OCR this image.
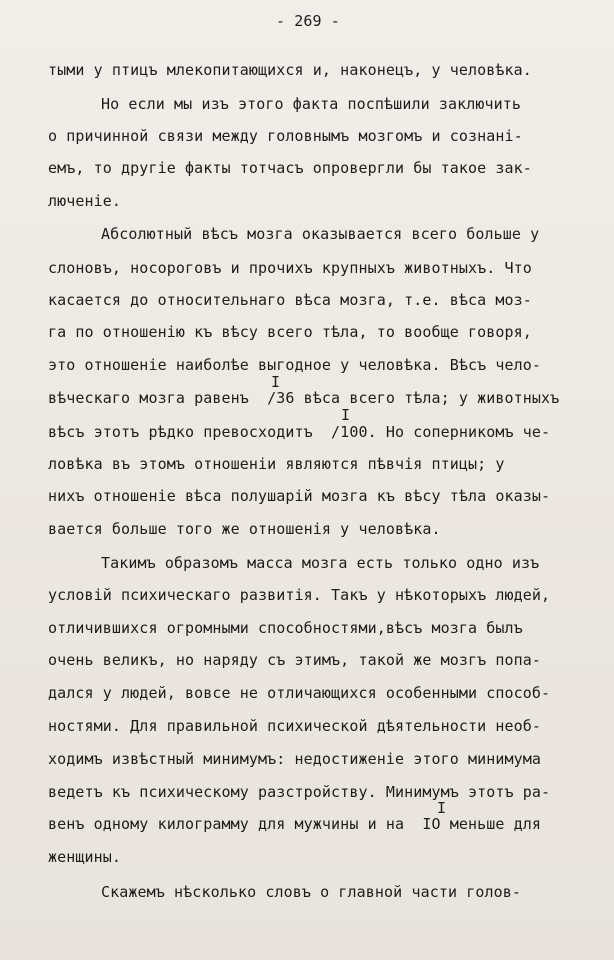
- 269 -
тыми у птицъ млекопитающихся и, наконецъ, у человѣка.
Но если мы изъ этого факта поспѣшили заключить
о причинной связи между головнымъ мозгомъ и сознані-
емъ, то другіе факты тотчасъ опровергли бы такое зак-
люченіе.
Абсолютный вѣсъ мозга оказывается всего больше у
слоновъ, носороговъ и прочихъ крупныхъ животныхъ. Что
касается до относительнаго вѣса мозга, т.е. вѣса моз-
га по отношенію къ вѣсу всего тѣла, то вообще говоря,
это отношеніе наиболѣе выгодное у человѣка. Вѣсъ чело-
I
вѣческаго мозга равенъ  /36 вѣса всего тѣла; у животныхъ
I
вѣсъ этотъ рѣдко превосходитъ  /100. Но соперникомъ че-
ловѣка въ этомъ отношеніи являются пѣвчія птицы; у
нихъ отношеніе вѣса полушарій мозга къ вѣсу тѣла оказы-
вается больше того же отношенія у человѣка.
Такимъ образомъ масса мозга есть только одно изъ
условій психическаго развитія. Такъ у нѣкоторыхъ людей,
отличившихся огромными способностями,вѣсъ мозга былъ
очень великъ, но наряду съ этимъ, такой же мозгъ попа-
дался у людей, вовсе не отличающихся особенными способ-
ностями. Для правильной психической дѣятельности необ-
ходимъ извѣстный минимумъ: недостиженіе этого минимума
ведетъ къ психическому разстройству. Минимумъ этотъ ра-
I
венъ одному килограмму для мужчины и на  IO меньше для
женщины.
Скажемъ нѣсколько словъ о главной части голов-
